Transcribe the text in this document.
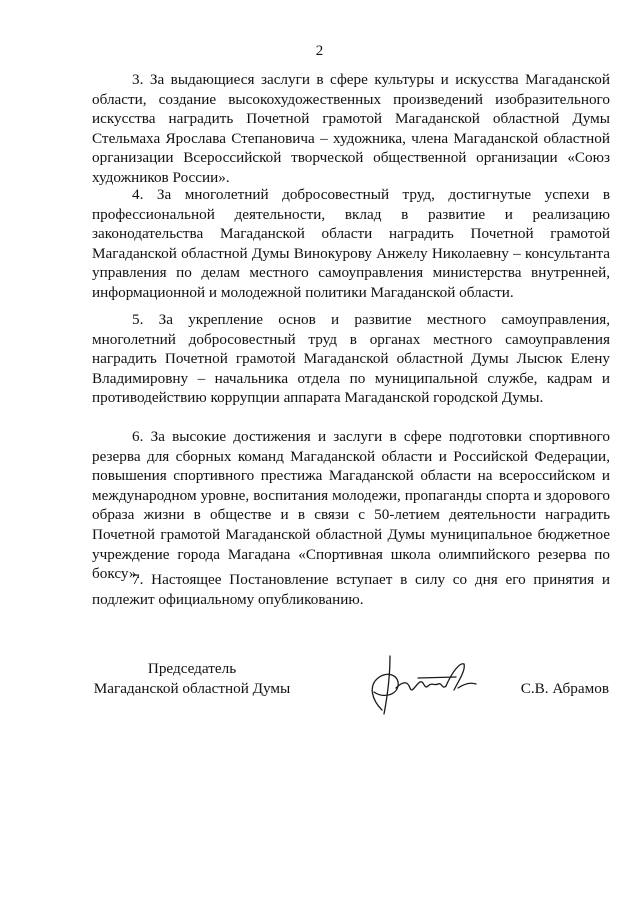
2

3. За выдающиеся заслуги в сфере культуры и искусства Магаданской области, создание высокохудожественных произведений изобразительного искусства наградить Почетной грамотой Магаданской областной Думы Стельмаха Ярослава Степановича – художника, члена Магаданской областной организации Всероссийской творческой общественной организации «Союз художников России».

4. За многолетний добросовестный труд, достигнутые успехи в профессиональной деятельности, вклад в развитие и реализацию законодательства Магаданской области наградить Почетной грамотой Магаданской областной Думы Винокурову Анжелу Николаевну – консультанта управления по делам местного самоуправления министерства внутренней, информационной и молодежной политики Магаданской области.

5. За укрепление основ и развитие местного самоуправления, многолетний добросовестный труд в органах местного самоуправления наградить Почетной грамотой Магаданской областной Думы Лысюк Елену Владимировну – начальника отдела по муниципальной службе, кадрам и противодействию коррупции аппарата Магаданской городской Думы.

6. За высокие достижения и заслуги в сфере подготовки спортивного резерва для сборных команд Магаданской области и Российской Федерации, повышения спортивного престижа Магаданской области на всероссийском и международном уровне, воспитания молодежи, пропаганды спорта и здорового образа жизни в обществе и в связи с 50-летием деятельности наградить Почетной грамотой Магаданской областной Думы муниципальное бюджетное учреждение города Магадана «Спортивная школа олимпийского резерва по боксу».

7. Настоящее Постановление вступает в силу со дня его принятия и подлежит официальному опубликованию.

Председатель
Магаданской областной Думы	С.В. Абрамов
